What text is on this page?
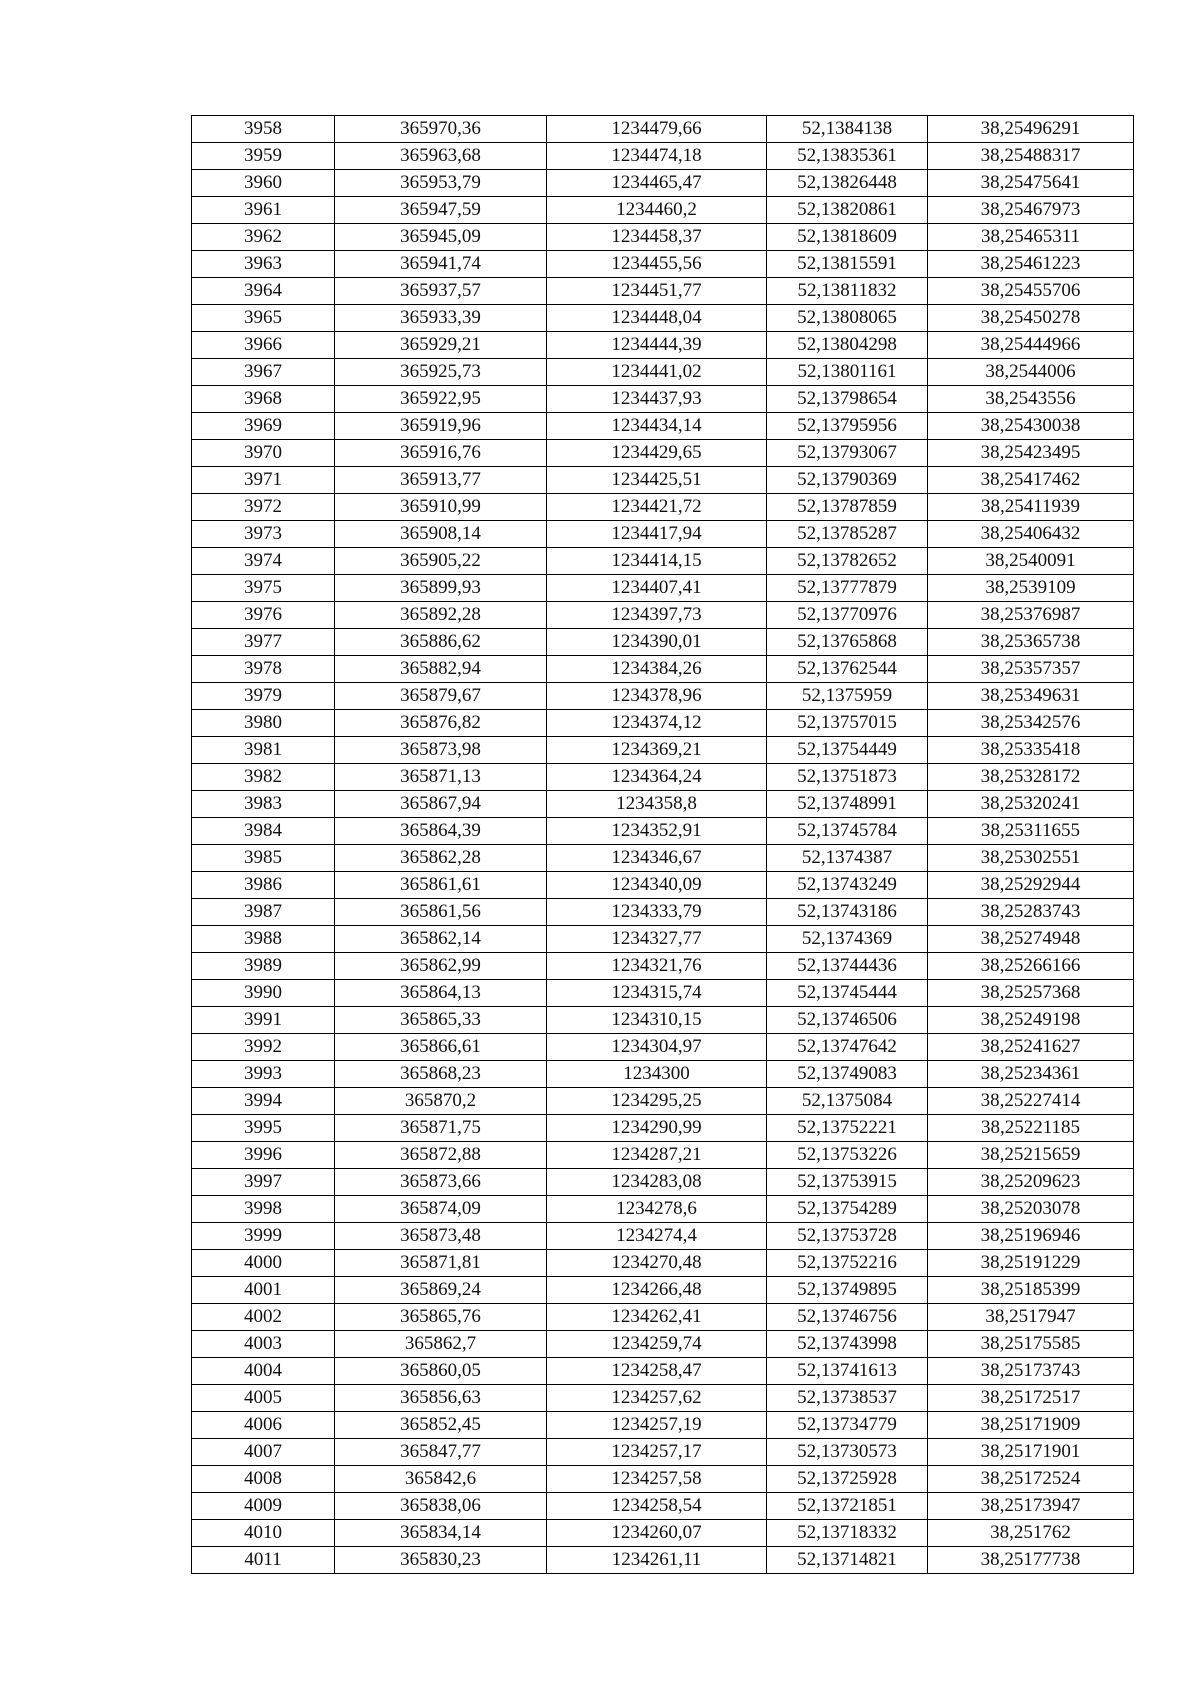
3958	365970,36	1234479,66	52,1384138	38,25496291
3959	365963,68	1234474,18	52,13835361	38,25488317
3960	365953,79	1234465,47	52,13826448	38,25475641
3961	365947,59	1234460,2	52,13820861	38,25467973
3962	365945,09	1234458,37	52,13818609	38,25465311
3963	365941,74	1234455,56	52,13815591	38,25461223
3964	365937,57	1234451,77	52,13811832	38,25455706
3965	365933,39	1234448,04	52,13808065	38,25450278
3966	365929,21	1234444,39	52,13804298	38,25444966
3967	365925,73	1234441,02	52,13801161	38,2544006
3968	365922,95	1234437,93	52,13798654	38,2543556
3969	365919,96	1234434,14	52,13795956	38,25430038
3970	365916,76	1234429,65	52,13793067	38,25423495
3971	365913,77	1234425,51	52,13790369	38,25417462
3972	365910,99	1234421,72	52,13787859	38,25411939
3973	365908,14	1234417,94	52,13785287	38,25406432
3974	365905,22	1234414,15	52,13782652	38,2540091
3975	365899,93	1234407,41	52,13777879	38,2539109
3976	365892,28	1234397,73	52,13770976	38,25376987
3977	365886,62	1234390,01	52,13765868	38,25365738
3978	365882,94	1234384,26	52,13762544	38,25357357
3979	365879,67	1234378,96	52,1375959	38,25349631
3980	365876,82	1234374,12	52,13757015	38,25342576
3981	365873,98	1234369,21	52,13754449	38,25335418
3982	365871,13	1234364,24	52,13751873	38,25328172
3983	365867,94	1234358,8	52,13748991	38,25320241
3984	365864,39	1234352,91	52,13745784	38,25311655
3985	365862,28	1234346,67	52,1374387	38,25302551
3986	365861,61	1234340,09	52,13743249	38,25292944
3987	365861,56	1234333,79	52,13743186	38,25283743
3988	365862,14	1234327,77	52,1374369	38,25274948
3989	365862,99	1234321,76	52,13744436	38,25266166
3990	365864,13	1234315,74	52,13745444	38,25257368
3991	365865,33	1234310,15	52,13746506	38,25249198
3992	365866,61	1234304,97	52,13747642	38,25241627
3993	365868,23	1234300	52,13749083	38,25234361
3994	365870,2	1234295,25	52,1375084	38,25227414
3995	365871,75	1234290,99	52,13752221	38,25221185
3996	365872,88	1234287,21	52,13753226	38,25215659
3997	365873,66	1234283,08	52,13753915	38,25209623
3998	365874,09	1234278,6	52,13754289	38,25203078
3999	365873,48	1234274,4	52,13753728	38,25196946
4000	365871,81	1234270,48	52,13752216	38,25191229
4001	365869,24	1234266,48	52,13749895	38,25185399
4002	365865,76	1234262,41	52,13746756	38,2517947
4003	365862,7	1234259,74	52,13743998	38,25175585
4004	365860,05	1234258,47	52,13741613	38,25173743
4005	365856,63	1234257,62	52,13738537	38,25172517
4006	365852,45	1234257,19	52,13734779	38,25171909
4007	365847,77	1234257,17	52,13730573	38,25171901
4008	365842,6	1234257,58	52,13725928	38,25172524
4009	365838,06	1234258,54	52,13721851	38,25173947
4010	365834,14	1234260,07	52,13718332	38,251762
4011	365830,23	1234261,11	52,13714821	38,25177738
